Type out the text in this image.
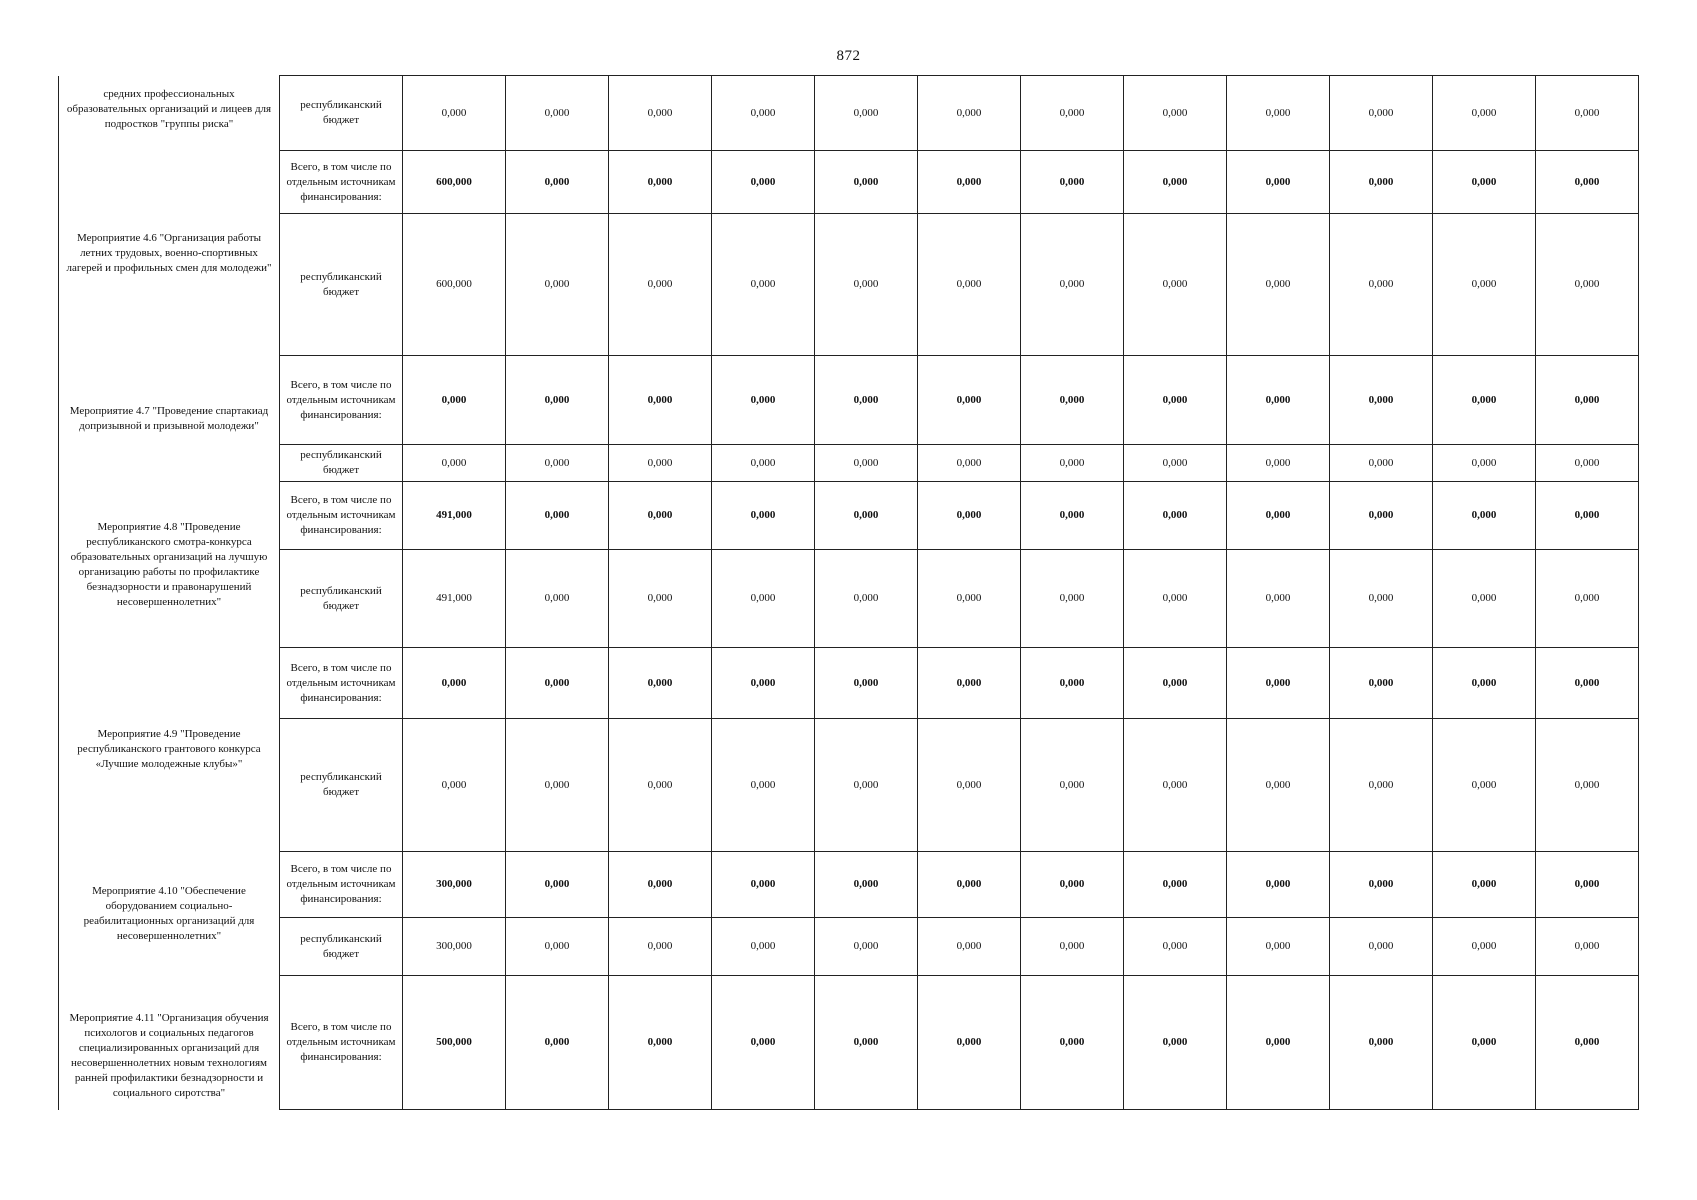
872
средних профессиональных образовательных организаций и лицеев для подростков "группы риска"	республиканский бюджет	0,000	0,000	0,000	0,000	0,000	0,000	0,000	0,000	0,000	0,000	0,000	0,000

Мероприятие 4.6 "Организация работы летних трудовых, военно-спортивных лагерей и профильных смен для молодежи"	Всего, в том числе по отдельным источникам финансирования:	600,000	0,000	0,000	0,000	0,000	0,000	0,000	0,000	0,000	0,000	0,000	0,000
	республиканский бюджет	600,000	0,000	0,000	0,000	0,000	0,000	0,000	0,000	0,000	0,000	0,000	0,000

Мероприятие 4.7 "Проведение спартакиад допризывной и призывной молодежи"	Всего, в том числе по отдельным источникам финансирования:	0,000	0,000	0,000	0,000	0,000	0,000	0,000	0,000	0,000	0,000	0,000	0,000
	республиканский бюджет	0,000	0,000	0,000	0,000	0,000	0,000	0,000	0,000	0,000	0,000	0,000	0,000

Мероприятие 4.8 "Проведение республиканского смотра-конкурса образовательных организаций на лучшую организацию работы по профилактике безнадзорности и правонарушений несовершеннолетних"	Всего, в том числе по отдельным источникам финансирования:	491,000	0,000	0,000	0,000	0,000	0,000	0,000	0,000	0,000	0,000	0,000	0,000
	республиканский бюджет	491,000	0,000	0,000	0,000	0,000	0,000	0,000	0,000	0,000	0,000	0,000	0,000

Мероприятие 4.9 "Проведение республиканского грантового конкурса «Лучшие молодежные клубы»"	Всего, в том числе по отдельным источникам финансирования:	0,000	0,000	0,000	0,000	0,000	0,000	0,000	0,000	0,000	0,000	0,000	0,000
	республиканский бюджет	0,000	0,000	0,000	0,000	0,000	0,000	0,000	0,000	0,000	0,000	0,000	0,000

Мероприятие 4.10 "Обеспечение оборудованием социально-реабилитационных организаций для несовершеннолетних"	Всего, в том числе по отдельным источникам финансирования:	300,000	0,000	0,000	0,000	0,000	0,000	0,000	0,000	0,000	0,000	0,000	0,000
	республиканский бюджет	300,000	0,000	0,000	0,000	0,000	0,000	0,000	0,000	0,000	0,000	0,000	0,000

Мероприятие 4.11 "Организация обучения психологов и социальных педагогов специализированных организаций для несовершеннолетних новым технологиям ранней профилактики безнадзорности и социального сиротства"	Всего, в том числе по отдельным источникам финансирования:	500,000	0,000	0,000	0,000	0,000	0,000	0,000	0,000	0,000	0,000	0,000	0,000
